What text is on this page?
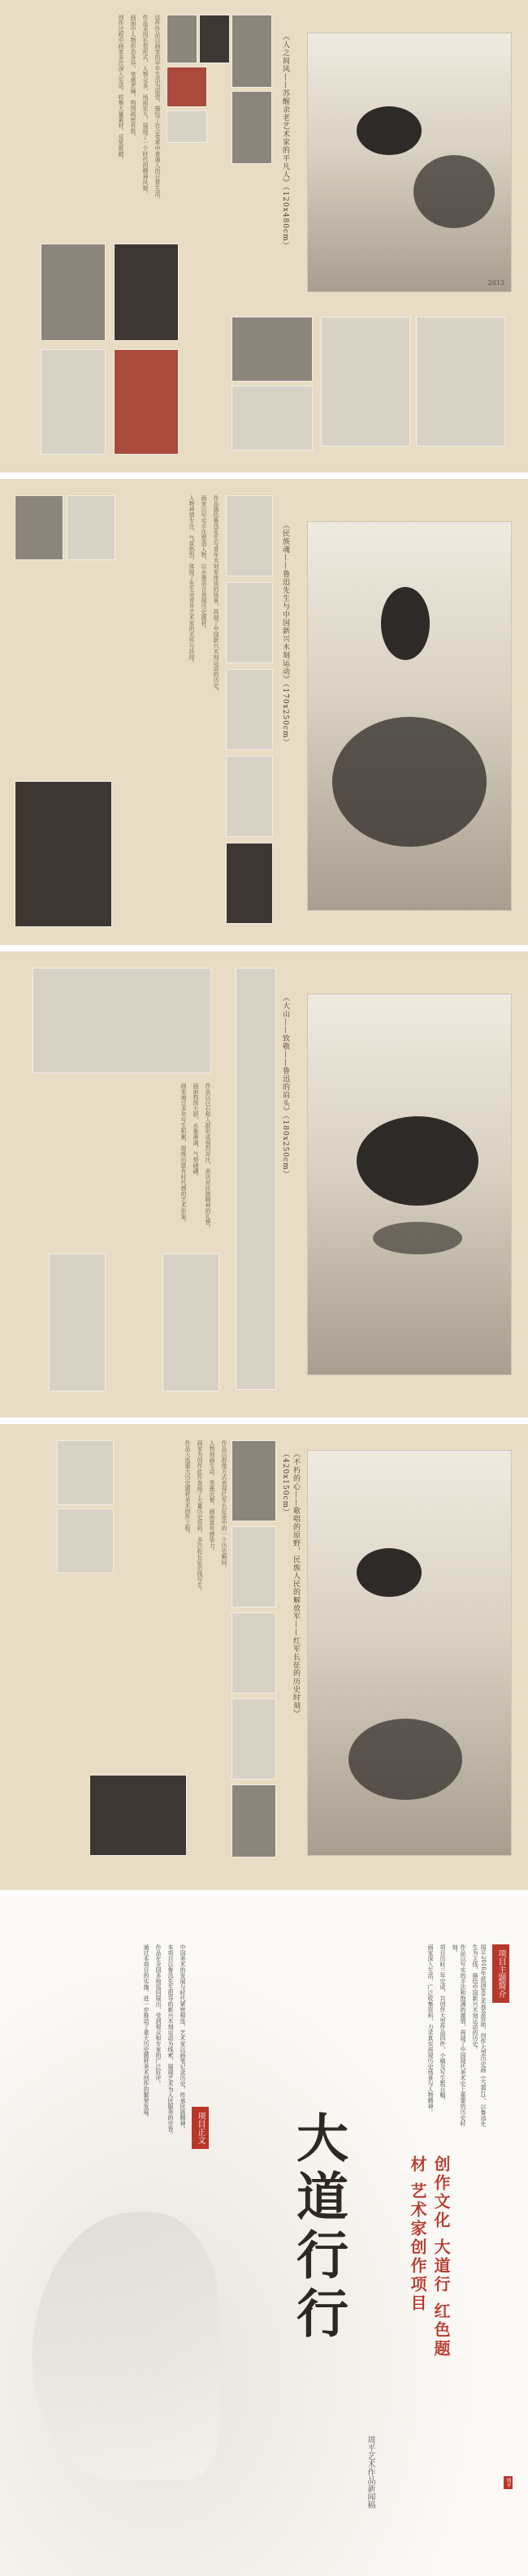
这件作品以画家的早年生活为原型，描绘了社会变革中普通人的日常生活。

作品采用长卷形式，人物众多，场面宏大，展现了一个时代的精神风貌。

画面中人物形态各异，笔墨老辣，构图疏密有致。

创作过程中画家多次深入生活，收集大量素材，反复推敲。	《人之间风——苏醒余老艺术家的平凡人》（120x480cm）
2013

作品描绘鲁迅先生与青年木刻家座谈的场景，再现了中国新兴木刻运动的历史。

画家以写实手法塑造人物，以水墨语言表现历史题材。

人物神情专注，气氛热烈，体现了先生对青年艺术家的关怀与扶持。	《民族魂——鲁迅先生与中国新兴木刻运动》（170x250cm）

作品以巨石和人群形成强烈对比，表达对民族精神的礼赞。

画面构图大胆，水墨淋漓，气势磅礴。

画家通过多年写生积累，提炼出富有时代感的艺术形象。	《大山——致敬——鲁迅的肩头》（180x250cm）

作品以群像方式表现红军长征途中的一个历史瞬间。

人物刻画生动，笔墨沉着，画面富有感染力。

画家为创作此作查阅了大量历史资料，多次赴长征沿线写生。

作品入选重大历史题材美术创作工程。	《不朽的心——歌唱的原野，民族人民的解放军——红军长征的历史时刻》（420x150cm）

中国美术的发展与时代紧密相连，艺术家以画笔记录历史，传承民族精神。

本项目以鲁迅先生倡导的新兴木刻运动为线索，展现艺术为人民服务的宗旨。

作品在全国多地巡回展出，受到观众和专家的广泛好评。

通过本项目的实施，进一步推动了重大历史题材美术创作的繁荣发展。

项目正文

周平2016年获国家艺术基金资助，创作大型历史画《大道行》，以鲁迅先生为主线，描绘中国新兴木刻运动的历史。

作品以写实的手法和饱满的激情，再现了中国现代美术史上重要的历史时刻。

项目历时三年完成，共创作大型作品四件，小稿及写生数百幅。

画家深入生活，广泛收集资料，力求真实再现历史场景与人物精神。	项目主题简介
创作文化 大道行 红色题材 艺术家创作项目
大道行行
周平艺术作品新闻稿	周平
